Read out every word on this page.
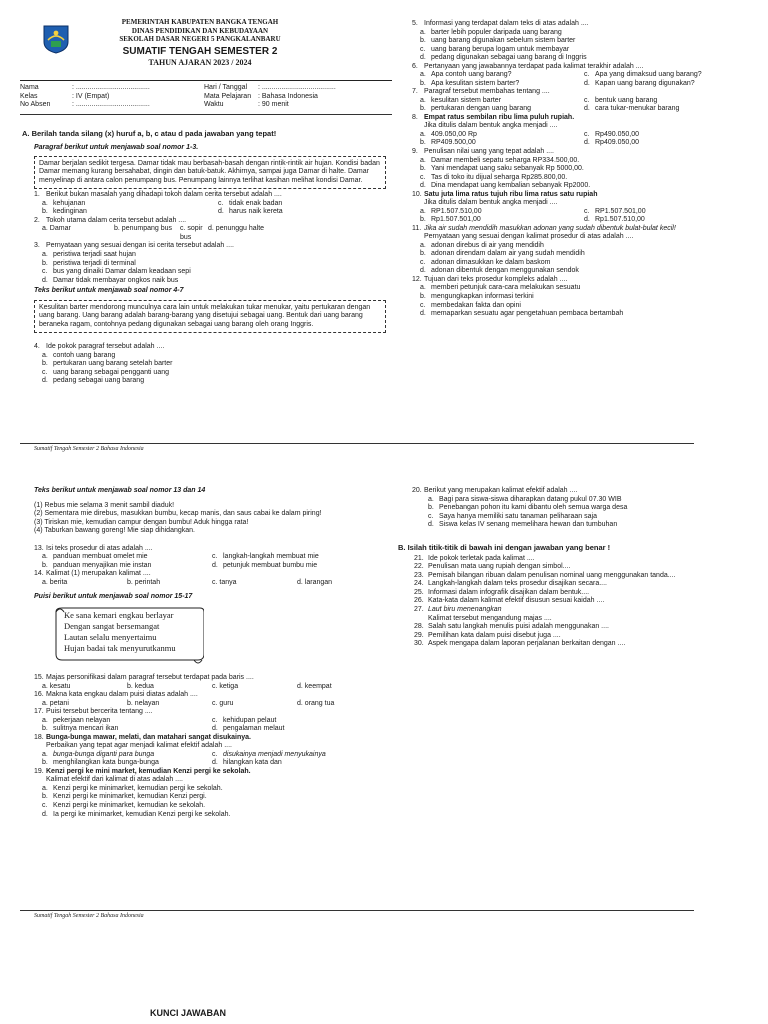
PEMERINTAH KABUPATEN BANGKA TENGAH
DINAS PENDIDIKAN DAN KEBUDAYAAN
SEKOLAH DASAR NEGERI 5 PANGKALANBARU
SUMATIF TENGAH SEMESTER 2
TAHUN AJARAN 2023 / 2024
Nama	: ......................................	Hari / Tanggal	: ......................................
Kelas	: IV (Empat)	Mata Pelajaran : Bahasa Indonesia
No Absen	: ......................................	Waktu	: 90 menit
A. Berilah tanda silang (x) huruf a, b, c atau d pada jawaban yang tepat!
Paragraf berikut untuk menjawab soal nomor 1-3.
Damar berjalan sedikit tergesa. Damar tidak mau berbasah-basah dengan rintik-rintik air hujan. Kondisi badan Damar memang kurang bersahabat, dingin dan batuk-batuk. Akhirnya, sampai juga Damar di halte. Damar menyelinap di antara calon penumpang bus. Penumpang lainnya terlihat kasihan melihat kondisi Damar.
1. Berikut bukan masalah yang dihadapi tokoh dalam cerita tersebut adalah ....
a. kehujanan	c. tidak enak badan
b. kedinginan	d. harus naik kereta
2. Tokoh utama dalam cerita tersebut adalah ....
a. Damar	b. penumpang bus	c. sopir bus
d. penunggu halte
3. Pernyataan yang sesuai dengan isi cerita tersebut adalah ....
a. peristiwa terjadi saat hujan
b. peristiwa terjadi di terminal
c. bus yang dinaiki Damar dalam keadaan sepi
d. Damar tidak membayar ongkos naik bus
Teks berikut untuk menjawab soal nomor 4-7
Kesulitan barter mendorong munculnya cara lain untuk melakukan tukar menukar, yaitu pertukaran dengan uang barang. Uang barang adalah barang-barang yang disetujui sebagai uang. Bentuk dari uang barang beraneka ragam, contohnya pedang digunakan sebagai uang barang oleh orang Inggris.
4. Ide pokok paragraf tersebut adalah ....
a. contoh uang barang
b. pertukaran uang barang setelah barter
c. uang barang sebagai pengganti uang
d. pedang sebagai uang barang
5. Informasi yang terdapat dalam teks di atas adalah ....
a. barter lebih populer daripada uang barang
b. uang barang digunakan sebelum sistem barter
c. uang barang berupa logam untuk membayar
d. pedang digunakan sebagai uang barang di Inggris
6. Pertanyaan yang jawabannya terdapat pada kalimat terakhir adalah ....
a. Apa contoh uang barang?	c. Apa yang dimaksud uang barang?
b. Apa kesulitan sistem barter?	d. Kapan uang barang digunakan?
7. Paragraf tersebut membahas tentang ....
a. kesulitan sistem barter	c. bentuk uang barang
b. pertukaran dengan uang barang	d. cara tukar-menukar barang
8. Empat ratus sembilan ribu lima puluh rupiah.
Jika ditulis dalam bentuk angka menjadi ....
a. 409.050,00 Rp	c. Rp490.050,00
b. RP409.500,00	d. Rp409.050,00
9. Penulisan nilai uang yang tepat adalah ....
a. Damar membeli sepatu seharga RP334.500,00.
b. Yani mendapat uang saku sebanyak Rp 5000,00.
c. Tas di toko itu dijual seharga Rp285.800,00.
d. Dina mendapat uang kembalian sebanyak Rp2000.
10. Satu juta lima ratus tujuh ribu lima ratus satu rupiah
Jika ditulis dalam bentuk angka menjadi ....
a. RP1.507.510,00	c. RP1.507.501,00
b. Rp1.507.501,00	d. Rp1.507.510,00
11. Jika air sudah mendidih masukkan adonan yang sudah dibentuk bulat-bulat kecil!
Pernyataan yang sesuai dengan kalimat prosedur di atas adalah ....
a. adonan direbus di air yang mendidih
b. adonan direndam dalam air yang sudah mendidih
c. adonan dimasukkan ke dalam baskom
d. adonan dibentuk dengan menggunakan sendok
12. Tujuan dari teks prosedur kompleks adalah ....
a. memberi petunjuk cara-cara melakukan sesuatu
b. mengungkapkan informasi terkini
c. membedakan fakta dan opini
d. memaparkan sesuatu agar pengetahuan pembaca bertambah
Sumatif Tengah Semester 2 Bahasa Indonesia
Teks berikut untuk menjawab soal nomor 13 dan 14
(1) Rebus mie selama 3 menit sambil diaduk!
(2) Sementara mie direbus, masukkan bumbu, kecap manis, dan saus cabai ke dalam piring!
(3) Tiriskan mie, kemudian campur dengan bumbu! Aduk hingga rata!
(4) Taburkan bawang goreng! Mie siap dihidangkan.
13. Isi teks prosedur di atas adalah ....
a. panduan membuat omelet mie	c. langkah-langkah membuat mie
b. panduan menyajikan mie instan	d. petunjuk membuat bumbu mie
14. Kalimat (1) merupakan kalimat ....
a. berita	b. perintah	c. tanya	d. larangan
Puisi berikut untuk menjawab soal nomor 15-17
Ke sana kemari engkau berlayar
Dengan sangat bersemangat
Lautan selalu menyertaimu
Hujan badai tak menyurutkanmu
15. Majas personifikasi dalam paragraf tersebut terdapat pada baris ....
a. kesatu	b. kedua	c. ketiga	d. keempat
16. Makna kata engkau dalam puisi diatas adalah ....
a. petani	b. nelayan	c. guru	d. orang tua
17. Puisi tersebut bercerita tentang ....
a. pekerjaan nelayan	c. kehidupan pelaut
b. sulitnya mencari ikan	d. pengalaman melaut
18. Bunga-bunga mawar, melati, dan matahari sangat disukainya.
Perbaikan yang tepat agar menjadi kalimat efektif adalah ....
a. bunga-bunga diganti para bunga	c. disukainya menjadi menyukainya
b. menghilangkan kata bunga-bunga	d. hilangkan kata dan
19. Kenzi pergi ke mini market, kemudian Kenzi pergi ke sekolah.
Kalimat efektif dari kalimat di atas adalah ....
a. Kenzi pergi ke minimarket, kemudian pergi ke sekolah.
b. Kenzi pergi ke minimarket, kemudian Kenzi pergi.
c. Kenzi pergi ke minimarket, kemudian ke sekolah.
d. Ia pergi ke minimarket, kemudian Kenzi pergi ke sekolah.
20. Berikut yang merupakan kalimat efektif adalah ....
a. Bagi para siswa-siswa diharapkan datang pukul 07.30 WIB
b. Penebangan pohon itu kami dibantu oleh semua warga desa
c. Saya hanya memiliki satu tanaman peliharaan saja
d. Siswa kelas IV senang memelihara hewan dan tumbuhan
B. Isilah titik-titik di bawah ini dengan jawaban yang benar !
21. Ide pokok terletak pada kalimat ....
22. Penulisan mata uang rupiah dengan simbol....
23. Pemisah bilangan ribuan dalam penulisan nominal uang menggunakan tanda....
24. Langkah-langkah dalam teks prosedur disajikan secara....
25. Informasi dalam infografik disajikan dalam bentuk....
26. Kata-kata dalam kalimat efektif disusun sesuai kaidah ....
27. Laut biru menenangkan
Kalimat tersebut mengandung majas ....
28. Salah satu langkah menulis puisi adalah menggunakan ....
29. Pemilihan kata dalam puisi disebut juga ....
30. Aspek mengapa dalam laporan perjalanan berkaitan dengan ....
Sumatif Tengah Semester 2 Bahasa Indonesia
KUNCI JAWABAN
